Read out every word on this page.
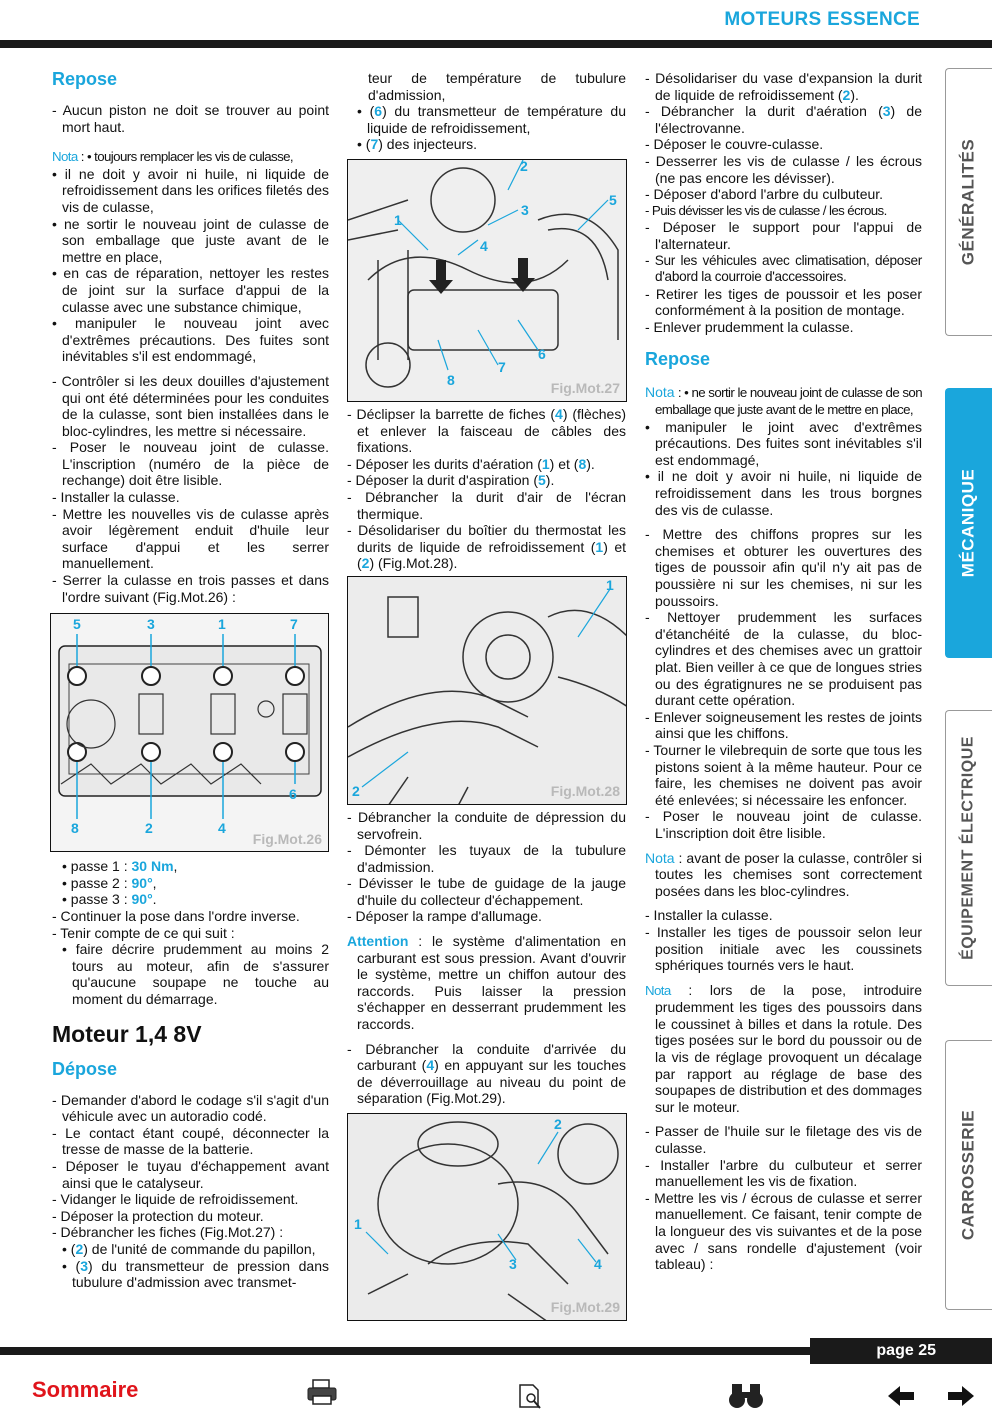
MOTEURS ESSENCE
Repose

- Aucun piston ne doit se trouver au point mort haut.

Nota : • toujours remplacer les vis de culasse,

• il ne doit y avoir ni huile, ni liquide de refroidissement dans les orifices filetés des vis de culasse,

• ne sortir le nouveau joint de culasse de son emballage que juste avant de le mettre en place,

• en cas de réparation, nettoyer les restes de joint sur la surface d'appui de la culasse avec une substance chimique,

• manipuler le nouveau joint avec d'extrêmes précautions. Des fuites sont inévitables s'il est endommagé,

- Contrôler si les deux douilles d'ajustement qui ont été déterminées pour les conduites de la culasse, sont bien installées dans le bloc-cylindres, les mettre si nécessaire.

- Poser le nouveau joint de culasse. L'inscription (numéro de la pièce de rechange) doit être lisible.

- Installer la culasse.

- Mettre les nouvelles vis de culasse après avoir légèrement enduit d'huile leur surface d'appui et les serrer manuellement.

- Serrer la culasse en trois passes et dans l'ordre suivant (Fig.Mot.26) :

5	3	1	7
6
8	2	4
Fig.Mot.26

• passe 1 : 30 Nm,

• passe 2 : 90°,

• passe 3 : 90°.

- Continuer la pose dans l'ordre inverse.

- Tenir compte de ce qui suit :

• faire décrire prudemment au moins 2 tours au moteur, afin de s'assurer qu'aucune soupape ne touche au moment du démarrage.

Moteur 1,4 8V
Dépose

- Demander d'abord le codage s'il s'agit d'un véhicule avec un autoradio codé.

- Le contact étant coupé, déconnecter la tresse de masse de la batterie.

- Déposer le tuyau d'échappement avant ainsi que le catalyseur.

- Vidanger le liquide de refroidissement.

- Déposer la protection du moteur.

- Débrancher les fiches (Fig.Mot.27) :

• (2) de l'unité de commande du papillon,

• (3) du transmetteur de pression dans tubulure d'admission avec transmet-

teur de température de tubulure d'admission,

• (6) du transmetteur de température du liquide de refroidissement,

• (7) des injecteurs.

2
5
3
1
4
6
7
8
Fig.Mot.27

- Déclipser la barrette de fiches (4) (flèches) et enlever la faisceau de câbles des fixations.

- Déposer les durits d'aération (1) et (8).

- Déposer la durit d'aspiration (5).

- Débrancher la durit d'air de l'écran thermique.

- Désolidariser du boîtier du thermostat les durits de liquide de refroidissement (1) et (2) (Fig.Mot.28).

1
2	Fig.Mot.28

- Débrancher la conduite de dépression du servofrein.

- Démonter les tuyaux de la tubulure d'admission.

- Dévisser le tube de guidage de la jauge d'huile du collecteur d'échappement.

- Déposer la rampe d'allumage.

Attention : le système d'alimentation en carburant est sous pression. Avant d'ouvrir le système, mettre un chiffon autour des raccords. Puis laisser la pression s'échapper en desserrant prudemment les raccords.

- Débrancher la conduite d'arrivée du carburant (4) en appuyant sur les touches de déverrouillage au niveau du point de séparation (Fig.Mot.29).

2
1
3	4
Fig.Mot.29

- Désolidariser du vase d'expansion la durit de liquide de refroidissement (2).

- Débrancher la durit d'aération (3) de l'électrovanne.

- Déposer le couvre-culasse.

- Desserrer les vis de culasse / les écrous (ne pas encore les dévisser).

- Déposer d'abord l'arbre du culbuteur.

- Puis dévisser les vis de culasse / les écrous.

- Déposer le support pour l'appui de l'alternateur.

- Sur les véhicules avec climatisation, déposer d'abord la courroie d'accessoires.

- Retirer les tiges de poussoir et les poser conformément à la position de montage.

- Enlever prudemment la culasse.

Repose

Nota : • ne sortir le nouveau joint de culasse de son emballage que juste avant de le mettre en place,

• manipuler le joint avec d'extrêmes précautions. Des fuites sont inévitables s'il est endommagé,

• il ne doit y avoir ni huile, ni liquide de refroidissement dans les trous borgnes des vis de culasse.

- Mettre des chiffons propres sur les chemises et obturer les ouvertures des tiges de poussoir afin qu'il n'y ait pas de poussière ni sur les chemises, ni sur les poussoirs.

- Nettoyer prudemment les surfaces d'étanchéité de la culasse, du bloc-cylindres et des chemises avec un grattoir plat. Bien veiller à ce que de longues stries ou des égratignures ne se produisent pas durant cette opération.

- Enlever soigneusement les restes de joints ainsi que les chiffons.

- Tourner le vilebrequin de sorte que tous les pistons soient à la même hauteur. Pour ce faire, les chemises ne doivent pas avoir été enlevées; si nécessaire les enfoncer.

- Poser le nouveau joint de culasse. L'inscription doit être lisible.

Nota : avant de poser la culasse, contrôler si toutes les chemises sont correctement posées dans les bloc-cylindres.

- Installer la culasse.

- Installer les tiges de poussoir selon leur position initiale avec les coussinets sphériques tournés vers le haut.

Nota : lors de la pose, introduire prudemment les tiges des poussoirs dans le coussinet à billes et dans la rotule. Des tiges posées sur le bord du poussoir ou de la vis de réglage provoquent un décalage par rapport au réglage de base des soupapes de distribution et des dommages sur le moteur.

- Passer de l'huile sur le filetage des vis de culasse.

- Installer l'arbre du culbuteur et serrer manuellement les vis de fixation.

- Mettre les vis / écrous de culasse et serrer manuellement. Ce faisant, tenir compte de la longueur des vis suivantes et de la pose avec / sans rondelle d'ajustement (voir tableau) :

GÉNÉRALITÉS
MÉCANIQUE
ÉQUIPEMENT ÉLECTRIQUE
CARROSSERIE
page 25
Sommaire
